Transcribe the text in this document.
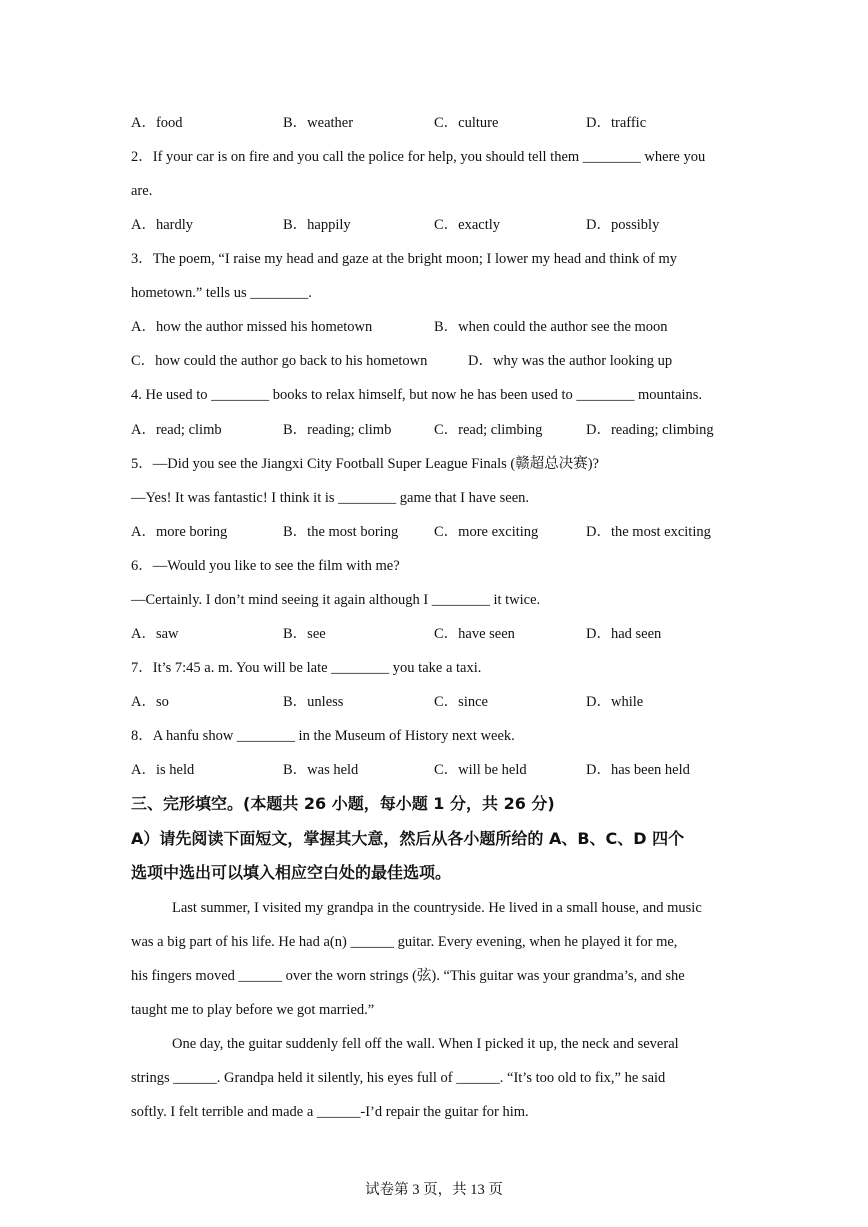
A．food	B．weather	C．culture	D．traffic
2．If your car is on fire and you call the police for help, you should tell them ________ where you
are.
A．hardly	B．happily	C．exactly	D．possibly
3．The poem, “I raise my head and gaze at the bright moon; I lower my head and think of my
hometown.” tells us ________.
A．how the author missed his hometown	B．when could the author see the moon
C．how could the author go back to his hometown	D．why was the author looking up
4. He used to ________ books to relax himself, but now he has been used to ________ mountains.
A．read; climb	B．reading; climb	C．read; climbing	D．reading; climbing
5．—Did you see the Jiangxi City Football Super League Finals (赣超总决赛)?
—Yes! It was fantastic! I think it is ________ game that I have seen.
A．more boring	B．the most boring C．more exciting	D．the most exciting
6．—Would you like to see the film with me?
—Certainly. I don’t mind seeing it again although I ________ it twice.
A．saw	B．see	C．have seen	D．had seen
7．It’s 7:45 a. m. You will be late ________ you take a taxi.
A．so	B．unless	C．since	D．while
8．A hanfu show ________ in the Museum of History next week.
A．is held	B．was held	C．will be held	D．has been held
三、完形填空。(本题共 26 小题，每小题 1 分，共 26 分)
A）请先阅读下面短文，掌握其大意，然后从各小题所给的 A、B、C、D 四个
选项中选出可以填入相应空白处的最佳选项。
Last summer, I visited my grandpa in the countryside. He lived in a small house, and music
was a big part of his life. He had a(n) ______ guitar. Every evening, when he played it for me,
his fingers moved ______ over the worn strings (弦). “This guitar was your grandma’s, and she
taught me to play before we got married.”
One day, the guitar suddenly fell off the wall. When I picked it up, the neck and several
strings ______. Grandpa held it silently, his eyes full of ______. “It’s too old to fix,” he said
softly. I felt terrible and made a ______-I’d repair the guitar for him.
试卷第 3 页，共 13 页
